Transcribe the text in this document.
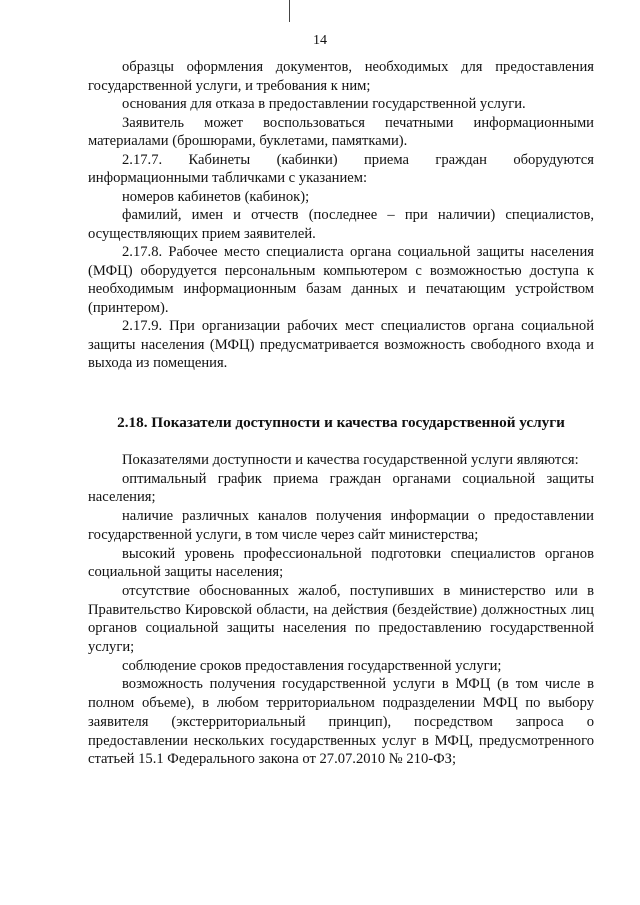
14

образцы оформления документов, необходимых для предоставления государственной услуги, и требования к ним;

основания для отказа в предоставлении государственной услуги.

Заявитель может воспользоваться печатными информационными материалами (брошюрами, буклетами, памятками).

2.17.7. Кабинеты (кабинки) приема граждан оборудуются информационными табличками с указанием:

номеров кабинетов (кабинок);

фамилий, имен и отчеств (последнее – при наличии) специалистов, осуществляющих прием заявителей.

2.17.8. Рабочее место специалиста органа социальной защиты населения (МФЦ) оборудуется персональным компьютером с возможностью доступа к необходимым информационным базам данных и печатающим устройством (принтером).

2.17.9. При организации рабочих мест специалистов органа социальной защиты населения (МФЦ) предусматривается возможность свободного входа и выхода из помещения.

2.18. Показатели доступности и качества государственной услуги

Показателями доступности и качества государственной услуги являются:

оптимальный график приема граждан органами социальной защиты населения;

наличие различных каналов получения информации о предоставлении государственной услуги, в том числе через сайт министерства;

высокий уровень профессиональной подготовки специалистов органов социальной защиты населения;

отсутствие обоснованных жалоб, поступивших в министерство или в Правительство Кировской области, на действия (бездействие) должностных лиц органов социальной защиты населения по предоставлению государственной услуги;

соблюдение сроков предоставления государственной услуги;

возможность получения государственной услуги в МФЦ (в том числе в полном объеме), в любом территориальном подразделении МФЦ по выбору заявителя (экстерриториальный принцип), посредством запроса о предоставлении нескольких государственных услуг в МФЦ, предусмотренного статьей 15.1 Федерального закона от 27.07.2010 № 210-ФЗ;
